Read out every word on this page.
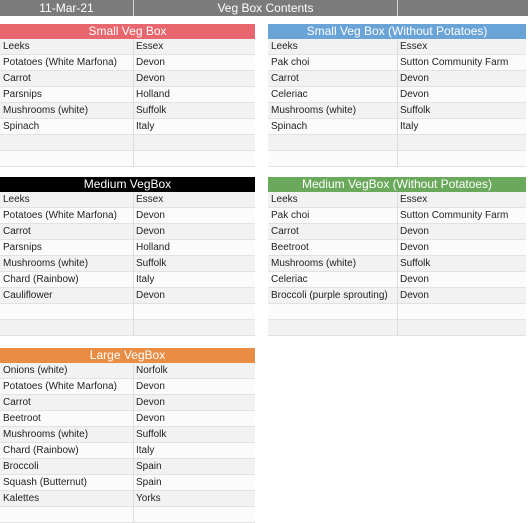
11-Mar-21	Veg Box Contents
Small Veg Box
Leeks	Essex
Potatoes (White Marfona) Devon
Carrot	Devon
Parsnips	Holland
Mushrooms (white)	Suffolk
Spinach	Italy
Small Veg Box (Without Potatoes)
Leeks	Essex
Pak choi	Sutton Community Farm
Carrot	Devon
Celeriac	Devon
Mushrooms (white)	Suffolk
Spinach	Italy
Medium VegBox
Leeks	Essex
Potatoes (White Marfona) Devon
Carrot	Devon
Parsnips	Holland
Mushrooms (white)	Suffolk
Chard (Rainbow)	Italy
Cauliflower	Devon
Medium VegBox (Without Potatoes)
Leeks	Essex
Pak choi	Sutton Community Farm
Carrot	Devon
Beetroot	Devon
Mushrooms (white)	Suffolk
Celeriac	Devon
Broccoli (purple sprouting) Devon
Large VegBox
Onions (white)	Norfolk
Potatoes (White Marfona) Devon
Carrot	Devon
Beetroot	Devon
Mushrooms (white)	Suffolk
Chard (Rainbow)	Italy
Broccoli	Spain
Squash (Butternut)	Spain
Kalettes	Yorks
